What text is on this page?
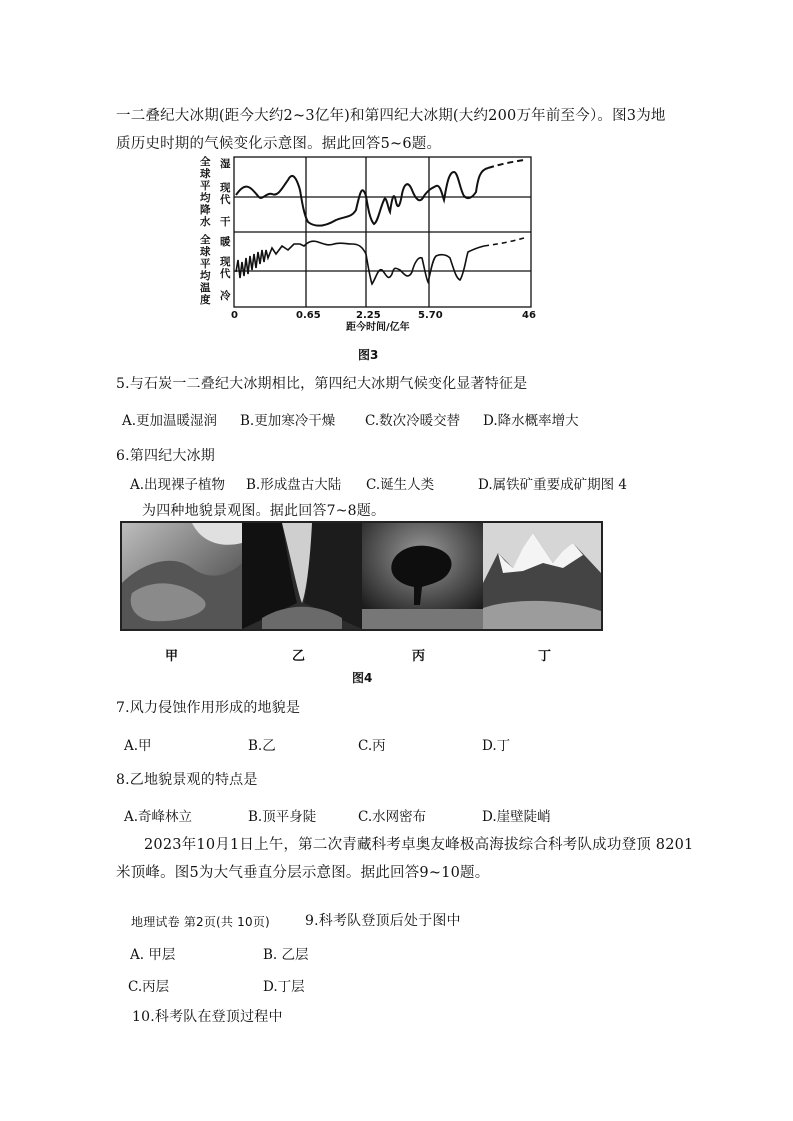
一二叠纪大冰期(距今大约2~3亿年)和第四纪大冰期(大约200万年前至今）。图3为地
质历史时期的气候变化示意图。据此回答5~6题。
全球平均降水
全球平均温度
湿
现代
干
暖
现代
冷
0	0.65	2.25	5.70	46
距今时间/亿年
图3
5.与石炭一二叠纪大冰期相比，第四纪大冰期气候变化显著特征是
A.更加温暖湿润 B.更加寒冷干燥 C.数次冷暖交替 D.降水概率增大
6.第四纪大冰期
A.出现裸子植物 B.形成盘古大陆 C.诞生人类	D.属铁矿重要成矿期图 4
为四种地貌景观图。据此回答7~8题。
甲	乙	丙	丁
图4
7.风力侵蚀作用形成的地貌是
A.甲	B.乙	C.丙	D.丁
8.乙地貌景观的特点是
A.奇峰林立	B.顶平身陡	C.水网密布	D.崖壁陡峭
2023年10月1日上午，第二次青藏科考卓奥友峰极高海拔综合科考队成功登顶 8201
米顶峰。图5为大气垂直分层示意图。据此回答9~10题。
地理试卷 第2页(共 10页)	9.科考队登顶后处于图中
A. 甲层	B. 乙层
C.丙层	D.丁层
10.科考队在登顶过程中
